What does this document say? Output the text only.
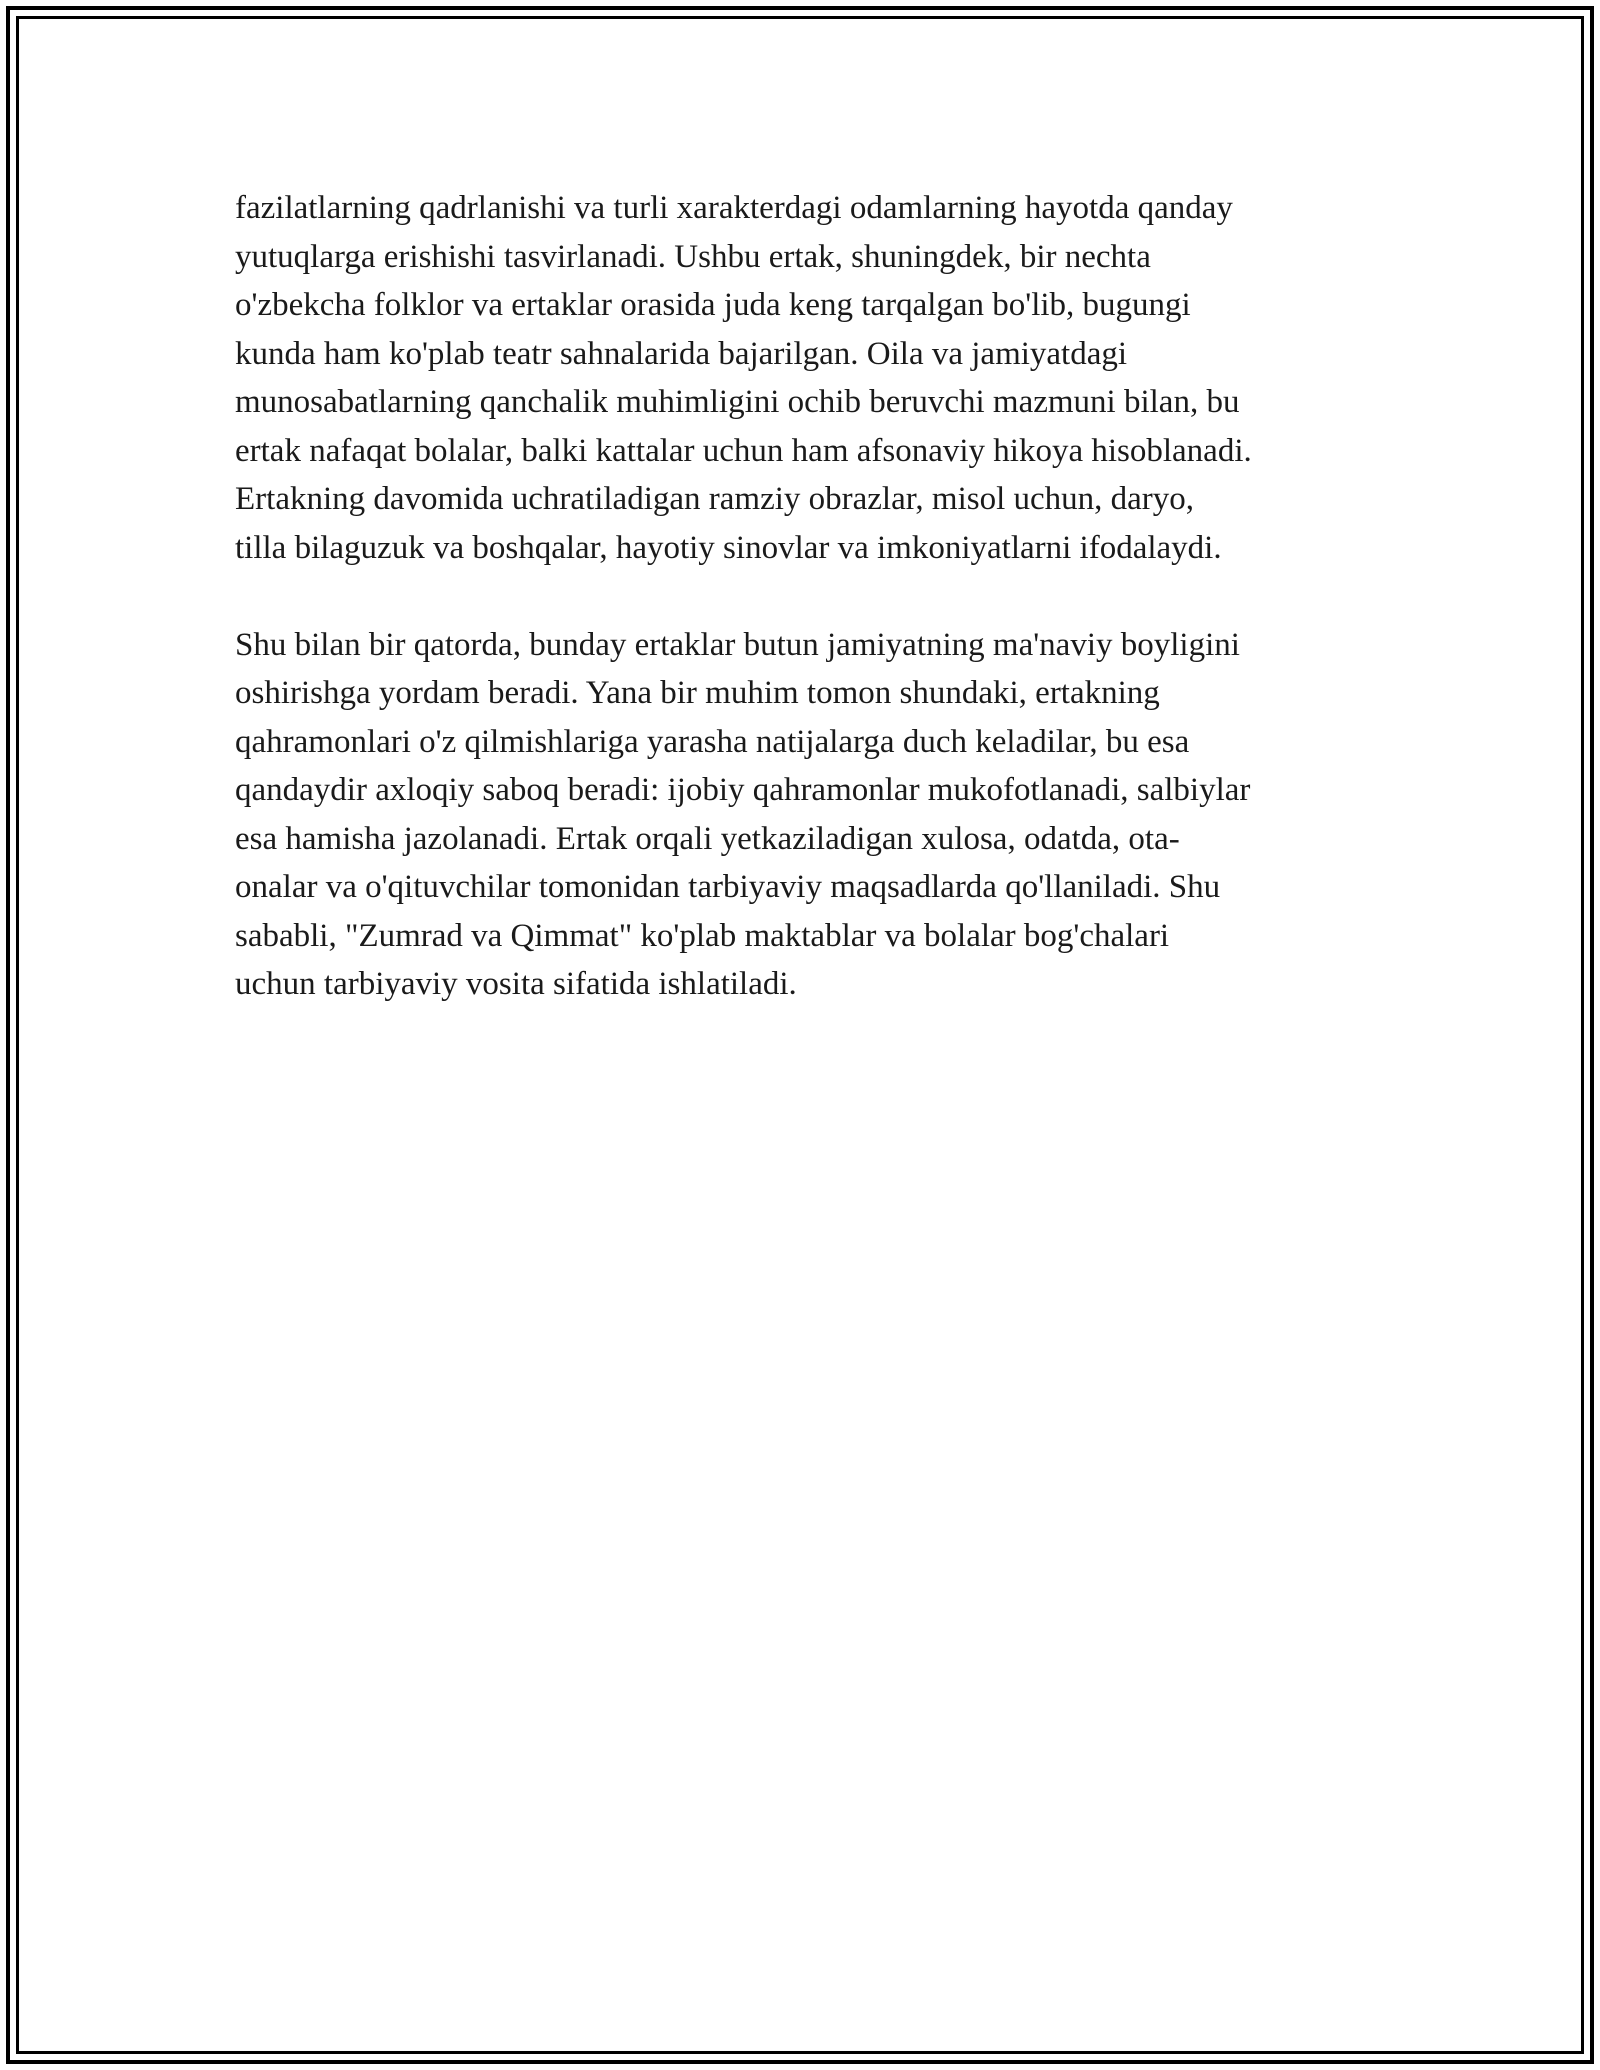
fazilatlarning qadrlanishi va turli xarakterdagi odamlarning hayotda qanday
yutuqlarga erishishi tasvirlanadi. Ushbu ertak, shuningdek, bir nechta
o'zbekcha folklor va ertaklar orasida juda keng tarqalgan bo'lib, bugungi
kunda ham ko'plab teatr sahnalarida bajarilgan. Oila va jamiyatdagi
munosabatlarning qanchalik muhimligini ochib beruvchi mazmuni bilan, bu
ertak nafaqat bolalar, balki kattalar uchun ham afsonaviy hikoya hisoblanadi.
Ertakning davomida uchratiladigan ramziy obrazlar, misol uchun, daryo,
tilla bilaguzuk va boshqalar, hayotiy sinovlar va imkoniyatlarni ifodalaydi.

Shu bilan bir qatorda, bunday ertaklar butun jamiyatning ma'naviy boyligini
oshirishga yordam beradi. Yana bir muhim tomon shundaki, ertakning
qahramonlari o'z qilmishlariga yarasha natijalarga duch keladilar, bu esa
qandaydir axloqiy saboq beradi: ijobiy qahramonlar mukofotlanadi, salbiylar
esa hamisha jazolanadi. Ertak orqali yetkaziladigan xulosa, odatda, ota-
onalar va o'qituvchilar tomonidan tarbiyaviy maqsadlarda qo'llaniladi. Shu
sababli, "Zumrad va Qimmat" ko'plab maktablar va bolalar bog'chalari
uchun tarbiyaviy vosita sifatida ishlatiladi.
